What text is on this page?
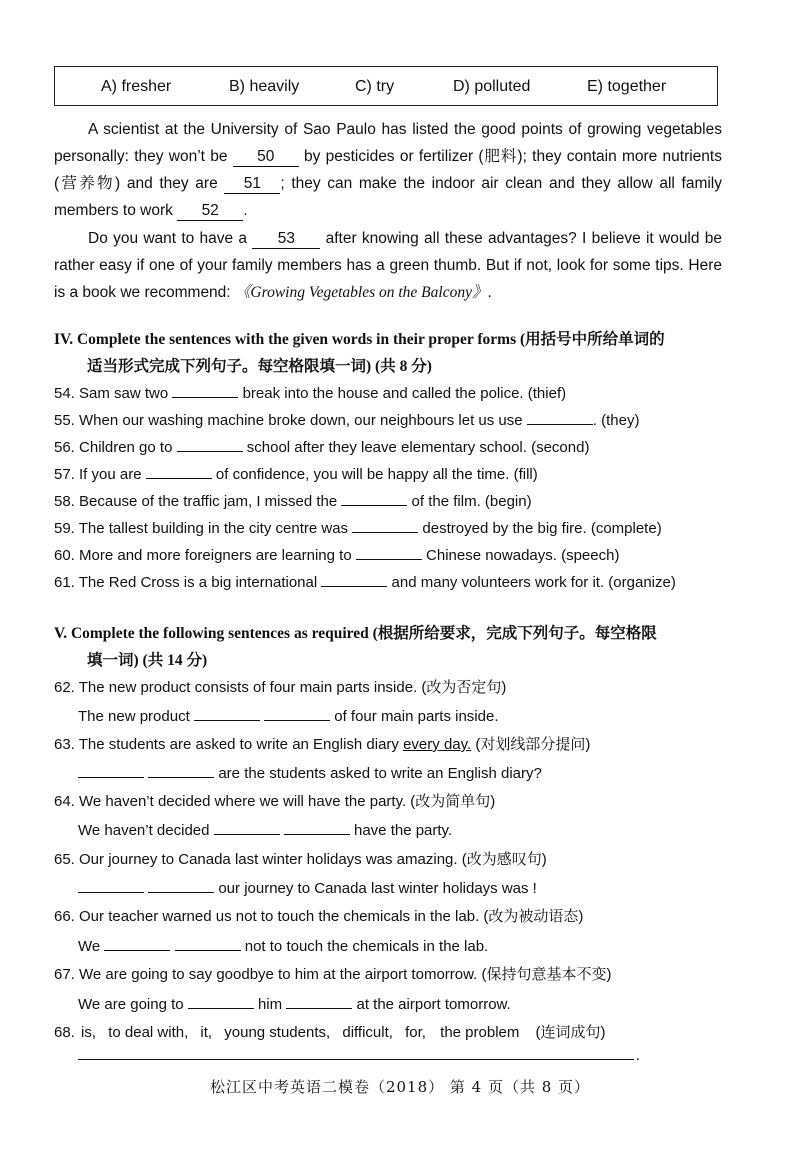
A) fresher	B) heavily	C) try	D) polluted	E) together
A scientist at the University of Sao Paulo has listed the good points of growing vegetables personally: they won’t be 50 by pesticides or fertilizer (肥料); they contain more nutrients (营养物) and they are 51 ; they can make the indoor air clean and they allow all family members to work 52 .
Do you want to have a 53 after knowing all these advantages? I believe it would be rather easy if one of your family members has a green thumb. But if not, look for some tips. Here is a book we recommend: 《Growing Vegetables on the Balcony》.
IV. Complete the sentences with the given words in their proper forms (用括号中所给单词的
适当形式完成下列句子。每空格限填一词) (共 8 分)
54. Sam saw two	break into the house and called the police. (thief)
55. When our washing machine broke down, our neighbours let us use	. (they)
56. Children go to	school after they leave elementary school. (second)
57. If you are	of confidence, you will be happy all the time. (fill)
58. Because of the traffic jam, I missed the	of the film. (begin)
59. The tallest building in the city centre was	destroyed by the big fire. (complete)
60. More and more foreigners are learning to	Chinese nowadays. (speech)
61. The Red Cross is a big international	and many volunteers work for it. (organize)
V. Complete the following sentences as required (根据所给要求，完成下列句子。每空格限
填一词) (共 14 分)
62. The new product consists of four main parts inside. (改为否定句)
The new product	of four main parts inside.
63. The students are asked to write an English diary every day. (对划线部分提问)
are the students asked to write an English diary?
64. We haven’t decided where we will have the party. (改为简单句)
We haven’t decided	have the party.
65. Our journey to Canada last winter holidays was amazing. (改为感叹句)
our journey to Canada last winter holidays was !
66. Our teacher warned us not to touch the chemicals in the lab. (改为被动语态)
We	not to touch the chemicals in the lab.
67. We are going to say goodbye to him at the airport tomorrow. (保持句意基本不变)
We are going to	him	at the airport tomorrow.
68. is, to deal with, it, young students, difficult, for, the problem (连词成句)
.
松江区中考英语二模卷（2018） 第 4 页（共 8 页）
